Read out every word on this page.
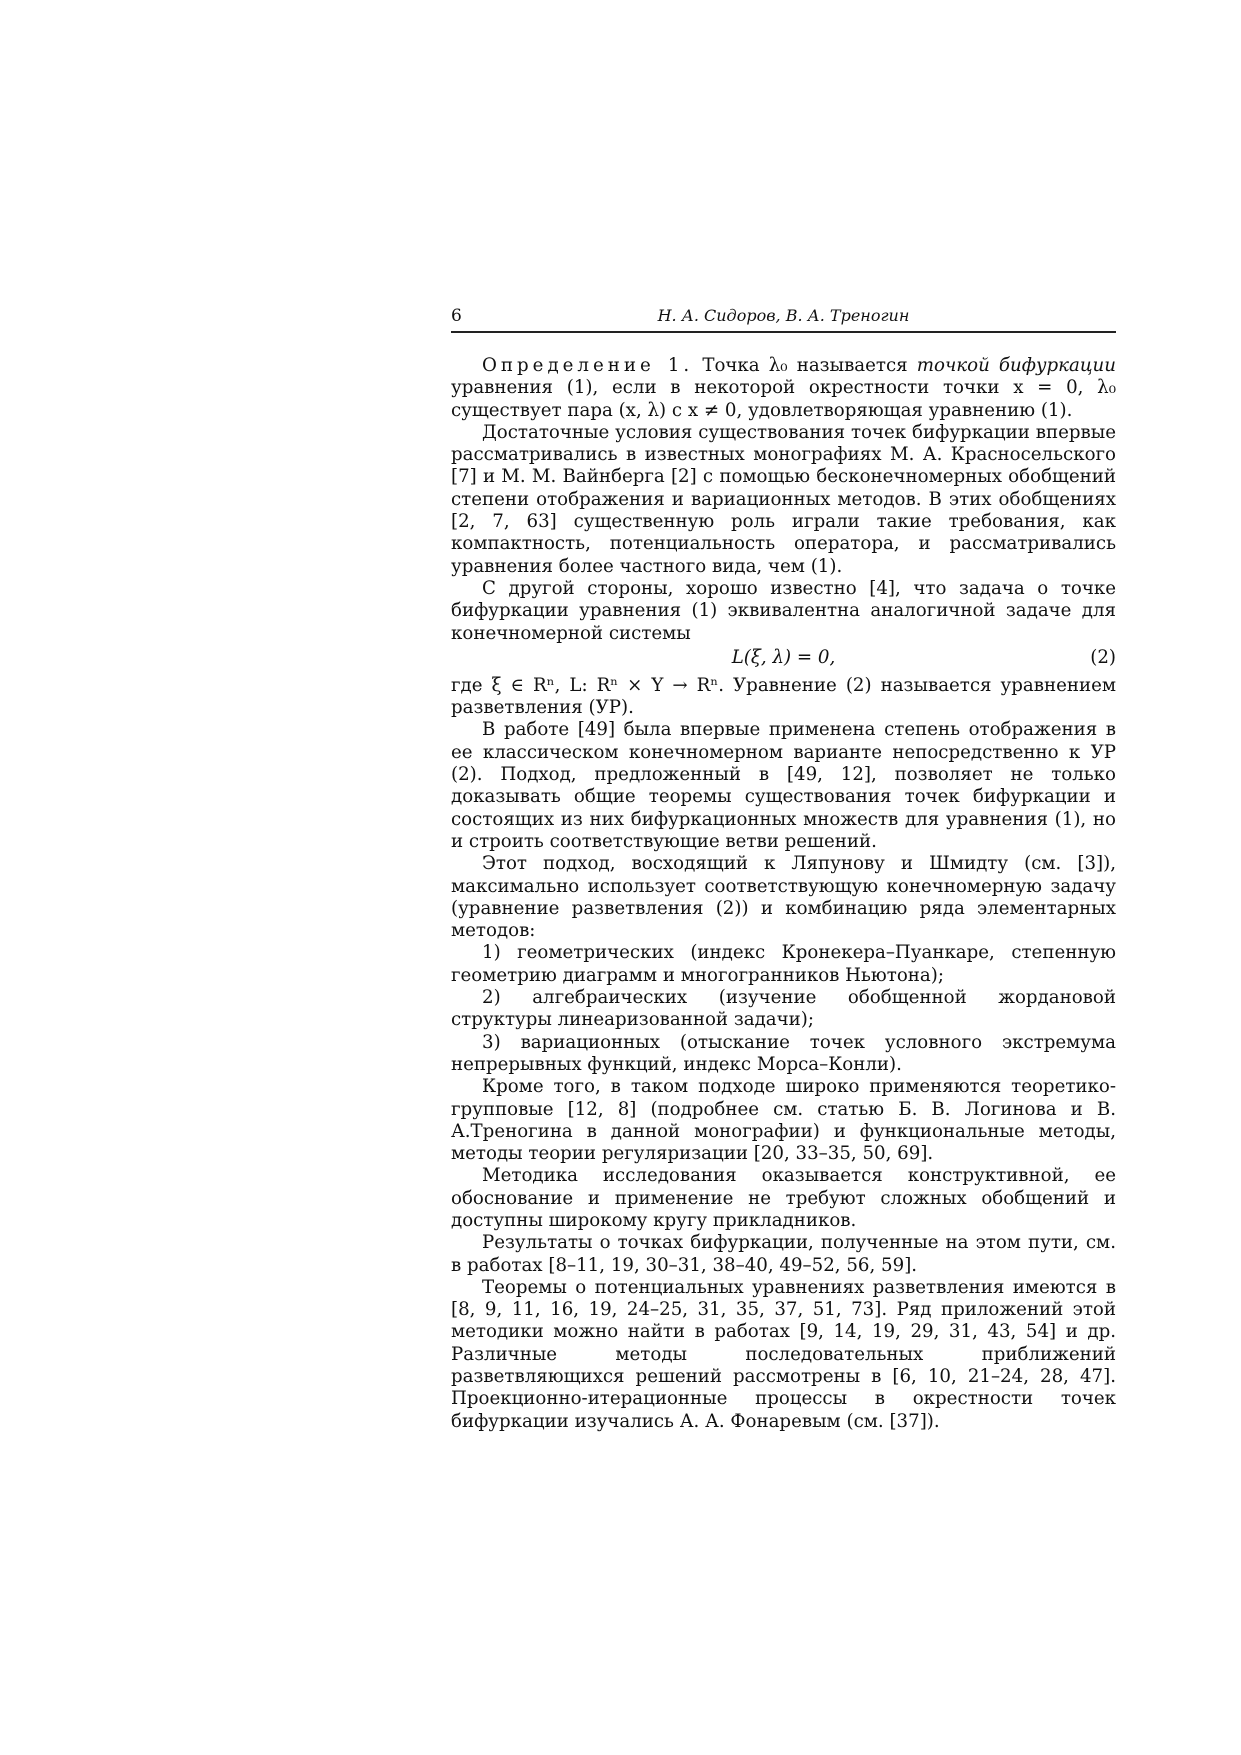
6	Н. А. Сидоров, В. А. Треногин

Определение 1. Точка λ₀ называется точкой бифуркации уравнения (1), если в некоторой окрестности точки x = 0, λ₀ существует пара (x, λ) с x ≠ 0, удовлетворяющая уравнению (1).

Достаточные условия существования точек бифуркации впервые рассматривались в известных монографиях М. А. Красносельского [7] и М. М. Вайнберга [2] с помощью бесконечномерных обобщений степени отображения и вариационных методов. В этих обобщениях [2, 7, 63] существенную роль играли такие требования, как компактность, потенциальность оператора, и рассматривались уравнения более частного вида, чем (1).

С другой стороны, хорошо известно [4], что задача о точке бифуркации уравнения (1) эквивалентна аналогичной задаче для конечномерной системы

L(ξ, λ) = 0,	(2)

где ξ ∈ Rⁿ, L: Rⁿ × Υ → Rⁿ. Уравнение (2) называется уравнением разветвления (УР).

В работе [49] была впервые применена степень отображения в ее классическом конечномерном варианте непосредственно к УР (2). Подход, предложенный в [49, 12], позволяет не только доказывать общие теоремы существования точек бифуркации и состоящих из них бифуркационных множеств для уравнения (1), но и строить соответствующие ветви решений.

Этот подход, восходящий к Ляпунову и Шмидту (см. [3]), максимально использует соответствующую конечномерную задачу (уравнение разветвления (2)) и комбинацию ряда элементарных методов:

1) геометрических (индекс Кронекера–Пуанкаре, степенную геометрию диаграмм и многогранников Ньютона);

2) алгебраических (изучение обобщенной жордановой структуры линеаризованной задачи);

3) вариационных (отыскание точек условного экстремума непрерывных функций, индекс Морса–Конли).

Кроме того, в таком подходе широко применяются теоретико-групповые [12, 8] (подробнее см. статью Б. В. Логинова и В. А.Треногина в данной монографии) и функциональные методы, методы теории регуляризации [20, 33–35, 50, 69].

Методика исследования оказывается конструктивной, ее обоснование и применение не требуют сложных обобщений и доступны широкому кругу прикладников.

Результаты о точках бифуркации, полученные на этом пути, см. в работах [8–11, 19, 30–31, 38–40, 49–52, 56, 59].

Теоремы о потенциальных уравнениях разветвления имеются в [8, 9, 11, 16, 19, 24–25, 31, 35, 37, 51, 73]. Ряд приложений этой методики можно найти в работах [9, 14, 19, 29, 31, 43, 54] и др. Различные методы последовательных приближений разветвляющихся решений рассмотрены в [6, 10, 21–24, 28, 47]. Проекционно-итерационные процессы в окрестности точек бифуркации изучались А. А. Фонаревым (см. [37]).
